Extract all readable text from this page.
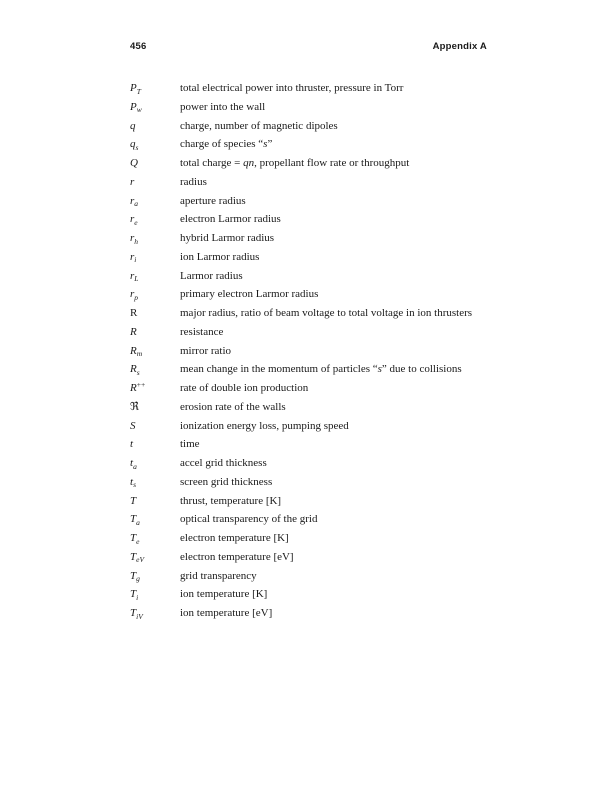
456	Appendix A
$P_T$	total electrical power into thruster, pressure in Torr
$P_w$	power into the wall
q	charge, number of magnetic dipoles
$q_s$	charge of species “s”
Q	total charge = qn, propellant flow rate or throughput
r	radius
$r_a$	aperture radius
$r_e$	electron Larmor radius
$r_h$	hybrid Larmor radius
$r_i$	ion Larmor radius
$r_L$	Larmor radius
$r_p$	primary electron Larmor radius
R	major radius, ratio of beam voltage to total voltage in ion thrusters
R	resistance
$R_m$	mirror ratio
$R_s$	mean change in the momentum of particles “s” due to collisions
R++	rate of double ion production
ℜ̇	erosion rate of the walls
S	ionization energy loss, pumping speed
t	time
$t_a$	accel grid thickness
$t_s$	screen grid thickness
T	thrust, temperature [K]
$T_a$	optical transparency of the grid
$T_e$	electron temperature [K]
$T_{eV}$	electron temperature [eV]
$T_g$	grid transparency
$T_i$	ion temperature [K]
$T_{iV}$	ion temperature [eV]
